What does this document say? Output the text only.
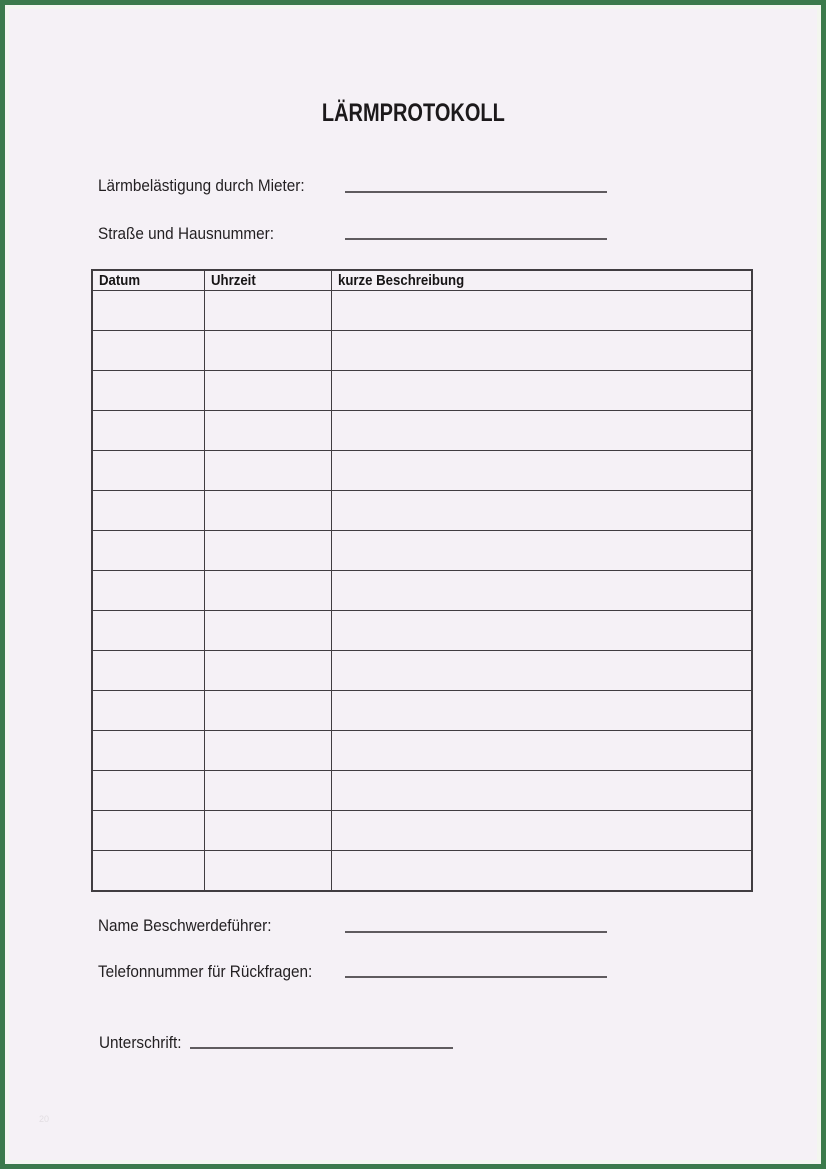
LÄRMPROTOKOLL
Lärmbelästigung durch Mieter:
Straße und Hausnummer:
Datum	Uhrzeit	kurze Beschreibung

Name Beschwerdeführer:
Telefonnummer für Rückfragen:
Unterschrift:
20
